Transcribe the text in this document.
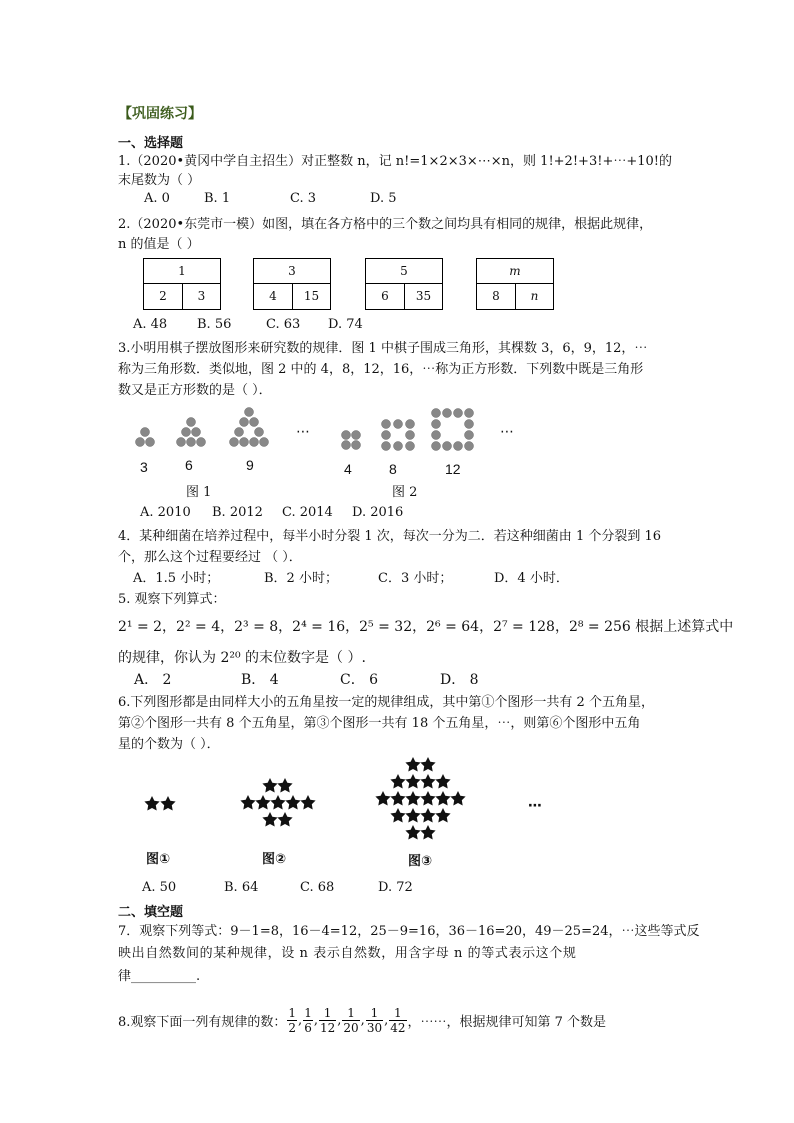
【巩固练习】
一、选择题
1.（2020•黄冈中学自主招生）对正整数 n，记 n!=1×2×3×⋯×n，则 1!+2!+3!+⋯+10!的
末尾数为（ ）
A. 0	B. 1	C. 3	D. 5
2.（2020•东莞市一模）如图，填在各方格中的三个数之间均具有相同的规律，根据此规律，
n 的值是（ ）
1
2	3
3
4	15
5
6	35
m
8	n
A. 48 B. 56	C. 63 D. 74
3.小明用棋子摆放图形来研究数的规律．图 1 中棋子围成三角形，其棵数 3，6，9，12，⋯
称为三角形数．类似地，图 2 中的 4，8，12，16，⋯称为正方形数．下列数中既是三角形
数又是正方形数的是（ ）．
⋯	⋯
3	6	9	4	8	12
图 1	图 2
A. 2010 B. 2012 C. 2014 D. 2016
4．某种细菌在培养过程中，每半小时分裂 1 次，每次一分为二．若这种细菌由 1 个分裂到 16
个，那么这个过程要经过 （ ）．
A．1.5 小时；	B．2 小时；	C．3 小时；	D．4 小时．
5. 观察下列算式：
2¹ = 2，2² = 4，2³ = 8，2⁴ = 16，2⁵ = 32，2⁶ = 64，2⁷ = 128，2⁸ = 256 根据上述算式中
的规律，你认为 2²⁰ 的末位数字是（ ）.
A． 2	B． 4	C． 6	D． 8
6.下列图形都是由同样大小的五角星按一定的规律组成，其中第①个图形一共有 2 个五角星，
第②个图形一共有 8 个五角星，第③个图形一共有 18 个五角星，⋯，则第⑥个图形中五角
星的个数为（ ）．
⋯
图①	图②	图③
A. 50	B. 64	C. 68	D. 72
二、填空题
7．观察下列等式：9－1=8，16－4=12，25－9=16，36－16=20，49－25=24，⋯这些等式反
映出自然数间的某种规律，设 n 表示自然数，用含字母 n 的等式表示这个规
律__________.
8.观察下面一列有规律的数： $\frac{1}{2}$ , $\frac{1}{6}$ , $\frac{1}{12}$ , $\frac{1}{20}$ , $\frac{1}{30}$ , $\frac{1}{42}$ ，⋯⋯，根据规律可知第 7 个数是
